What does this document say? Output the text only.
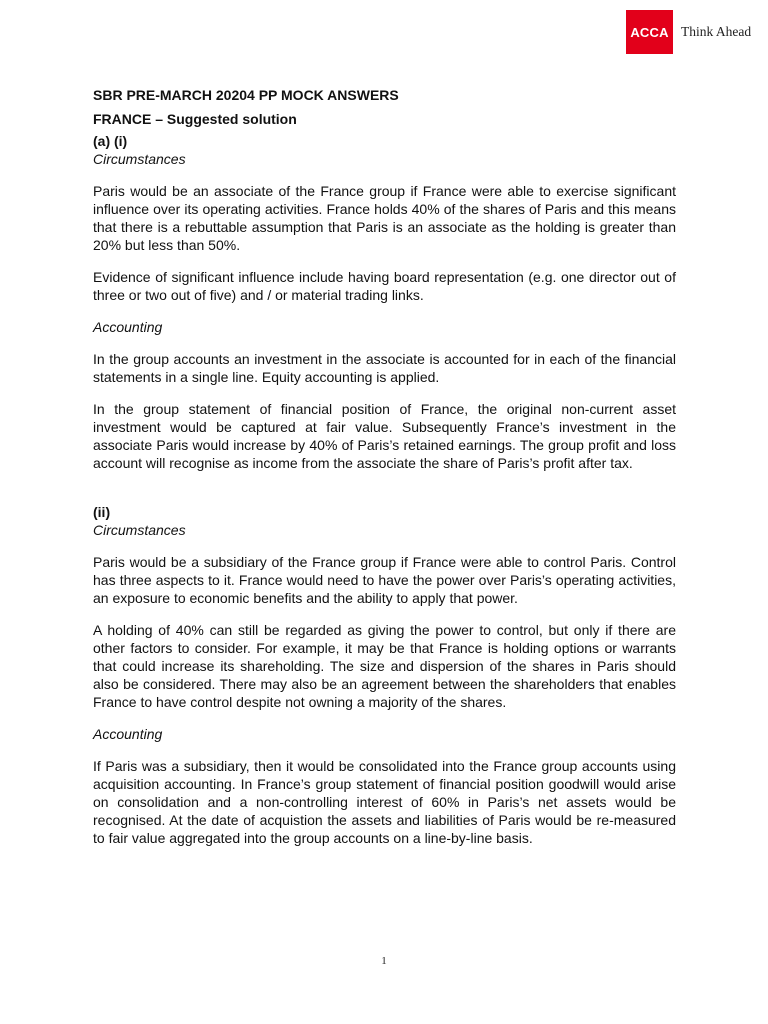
ACCA Think Ahead

SBR PRE-MARCH 20204 PP MOCK ANSWERS

FRANCE – Suggested solution

(a) (i)

Circumstances

Paris would be an associate of the France group if France were able to exercise significant influence over its operating activities. France holds 40% of the shares of Paris and this means that there is a rebuttable assumption that Paris is an associate as the holding is greater than 20% but less than 50%.

Evidence of significant influence include having board representation (e.g. one director out of three or two out of five) and / or material trading links.

Accounting

In the group accounts an investment in the associate is accounted for in each of the financial statements in a single line. Equity accounting is applied.

In the group statement of financial position of France, the original non-current asset investment would be captured at fair value. Subsequently France’s investment in the associate Paris would increase by 40% of Paris’s retained earnings. The group profit and loss account will recognise as income from the associate the share of Paris’s profit after tax.

(ii)

Circumstances

Paris would be a subsidiary of the France group if France were able to control Paris. Control has three aspects to it. France would need to have the power over Paris’s operating activities, an exposure to economic benefits and the ability to apply that power.

A holding of 40% can still be regarded as giving the power to control, but only if there are other factors to consider. For example, it may be that France is holding options or warrants that could increase its shareholding. The size and dispersion of the shares in Paris should also be considered. There may also be an agreement between the shareholders that enables France to have control despite not owning a majority of the shares.

Accounting

If Paris was a subsidiary, then it would be consolidated into the France group accounts using acquisition accounting. In France’s group statement of financial position goodwill would arise on consolidation and a non-controlling interest of 60% in Paris’s net assets would be recognised. At the date of acquistion the assets and liabilities of Paris would be re-measured to fair value aggregated into the group accounts on a line-by-line basis.

1
